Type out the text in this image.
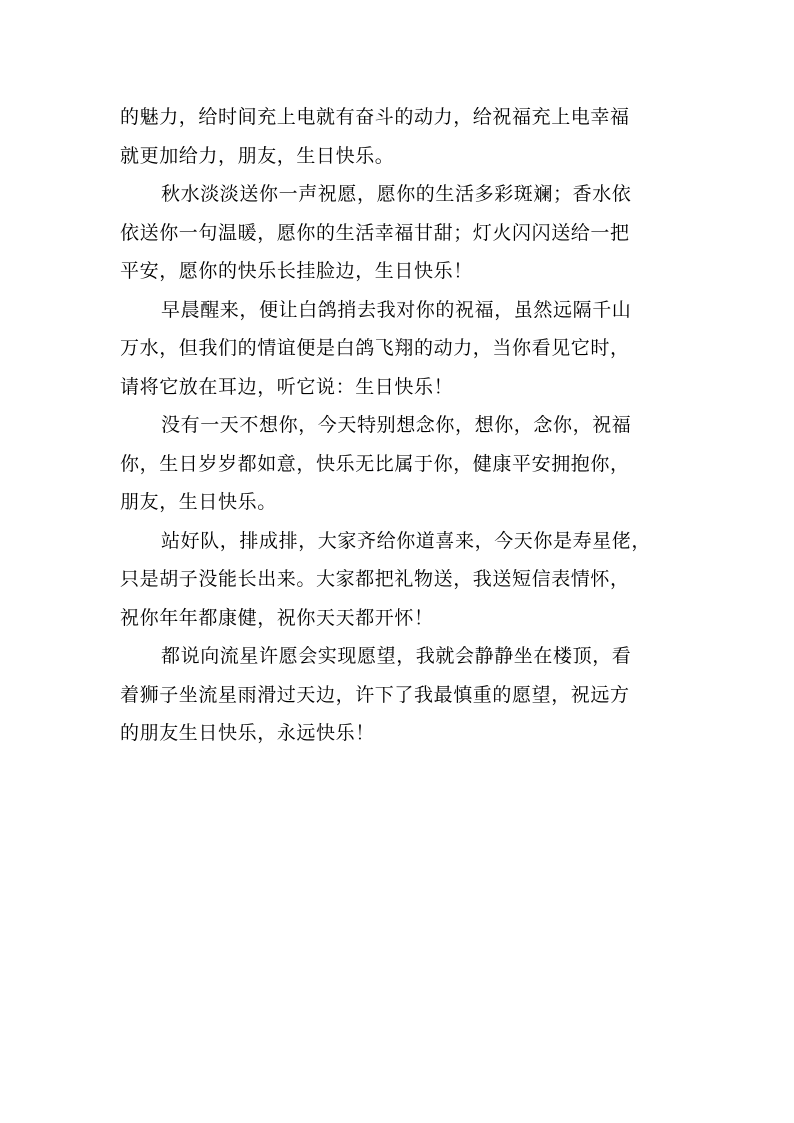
的魅力，给时间充上电就有奋斗的动力，给祝福充上电幸福
就更加给力，朋友，生日快乐。

秋水淡淡送你一声祝愿，愿你的生活多彩斑斓；香水依
依送你一句温暖，愿你的生活幸福甘甜；灯火闪闪送给一把
平安，愿你的快乐长挂脸边，生日快乐！

早晨醒来，便让白鸽捎去我对你的祝福，虽然远隔千山
万水，但我们的情谊便是白鸽飞翔的动力，当你看见它时，
请将它放在耳边，听它说：生日快乐！

没有一天不想你，今天特别想念你，想你，念你，祝福
你，生日岁岁都如意，快乐无比属于你，健康平安拥抱你，
朋友，生日快乐。

站好队，排成排，大家齐给你道喜来，今天你是寿星佬，
只是胡子没能长出来。大家都把礼物送，我送短信表情怀，
祝你年年都康健，祝你天天都开怀！

都说向流星许愿会实现愿望，我就会静静坐在楼顶，看
着狮子坐流星雨滑过天边，许下了我最慎重的愿望，祝远方
的朋友生日快乐，永远快乐！
